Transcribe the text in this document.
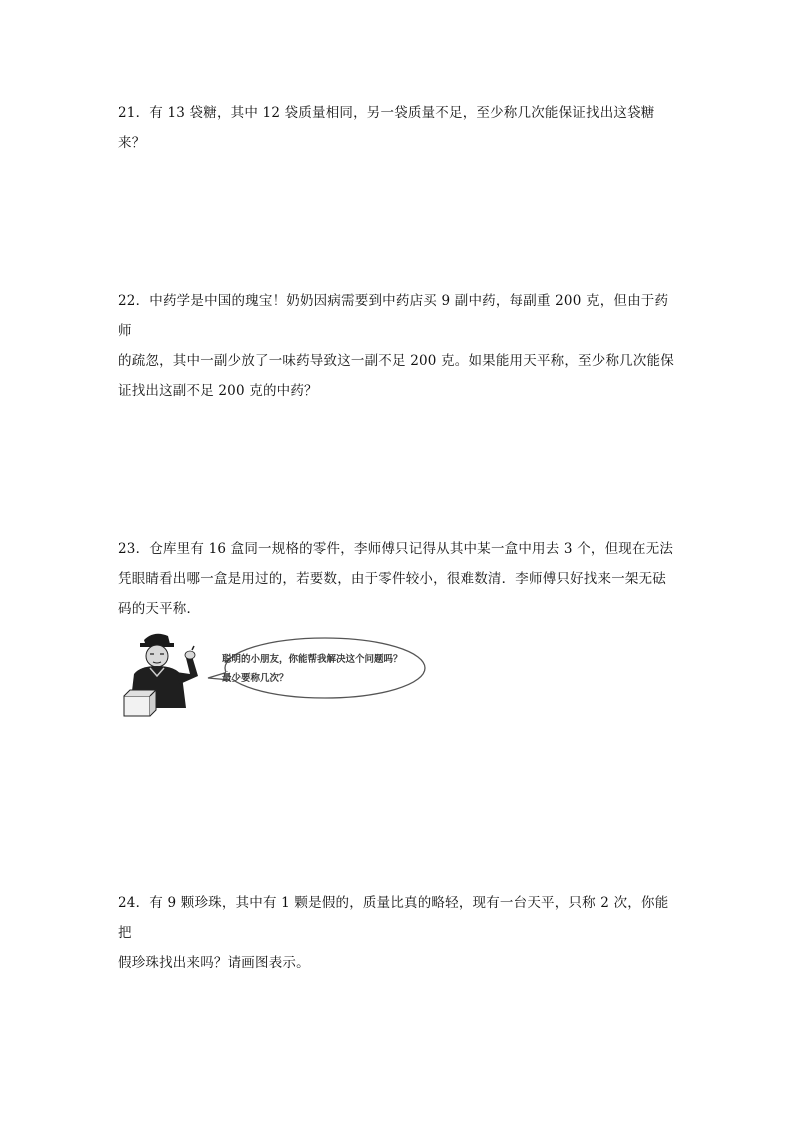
21．有 13 袋糖，其中 12 袋质量相同，另一袋质量不足，至少称几次能保证找出这袋糖来？
22．中药学是中国的瑰宝！奶奶因病需要到中药店买 9 副中药，每副重 200 克，但由于药师
的疏忽，其中一副少放了一味药导致这一副不足 200 克。如果能用天平称，至少称几次能保
证找出这副不足 200 克的中药？
23．仓库里有 16 盒同一规格的零件，李师傅只记得从其中某一盒中用去 3 个，但现在无法
凭眼睛看出哪一盒是用过的，若要数，由于零件较小，很难数清．李师傅只好找来一架无砝
码的天平称．
聪明的小朋友，你能帮我解决这个问题吗？
最少要称几次？
24．有 9 颗珍珠，其中有 1 颗是假的，质量比真的略轻，现有一台天平，只称 2 次，你能把
假珍珠找出来吗？请画图表示。
